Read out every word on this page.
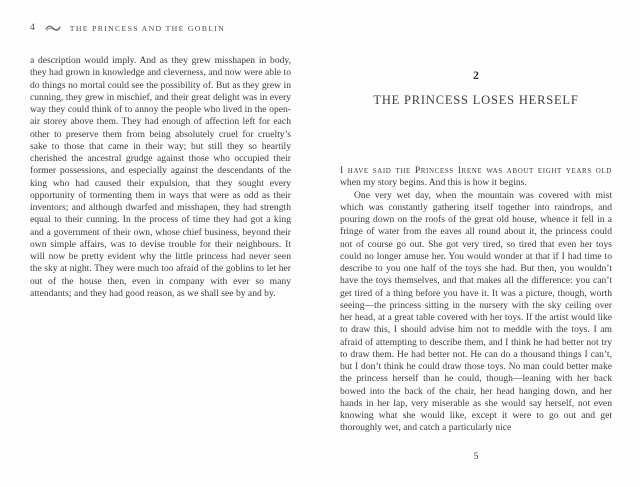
4	THE PRINCESS AND THE GOBLIN

a description would imply. And as they grew misshapen in body, they had grown in knowledge and cleverness, and now were able to do things no mortal could see the possibility of. But as they grew in cunning, they grew in mischief, and their great delight was in every way they could think of to annoy the people who lived in the open-air storey above them. They had enough of affection left for each other to preserve them from being absolutely cruel for cruelty’s sake to those that came in their way; but still they so heartily cherished the ancestral grudge against those who occupied their former possessions, and especially against the descendants of the king who had caused their expulsion, that they sought every opportunity of tormenting them in ways that were as odd as their inventors; and although dwarfed and misshapen, they had strength equal to their cunning. In the process of time they had got a king and a government of their own, whose chief business, beyond their own simple affairs, was to devise trouble for their neighbours. It will now be pretty evident why the little princess had never seen the sky at night. They were much too afraid of the goblins to let her out of the house then, even in company with ever so many attendants; and they had good reason, as we shall see by and by.

2
THE PRINCESS LOSES HERSELF

I have said the Princess Irene was about eight years old when my story begins. And this is how it begins.

One very wet day, when the mountain was covered with mist which was constantly gathering itself together into raindrops, and pouring down on the roofs of the great old house, whence it fell in a fringe of water from the eaves all round about it, the princess could not of course go out. She got very tired, so tired that even her toys could no longer amuse her. You would wonder at that if I had time to describe to you one half of the toys she had. But then, you wouldn’t have the toys themselves, and that makes all the difference: you can’t get tired of a thing before you have it. It was a picture, though, worth seeing—the princess sitting in the nursery with the sky ceiling over her head, at a great table covered with her toys. If the artist would like to draw this, I should advise him not to meddle with the toys. I am afraid of attempting to describe them, and I think he had better not try to draw them. He had better not. He can do a thousand things I can’t, but I don’t think he could draw those toys. No man could better make the princess herself than he could, though—leaning with her back bowed into the back of the chair, her head hanging down, and her hands in her lap, very miserable as she would say herself, not even knowing what she would like, except it were to go out and get thoroughly wet, and catch a particularly nice

5
